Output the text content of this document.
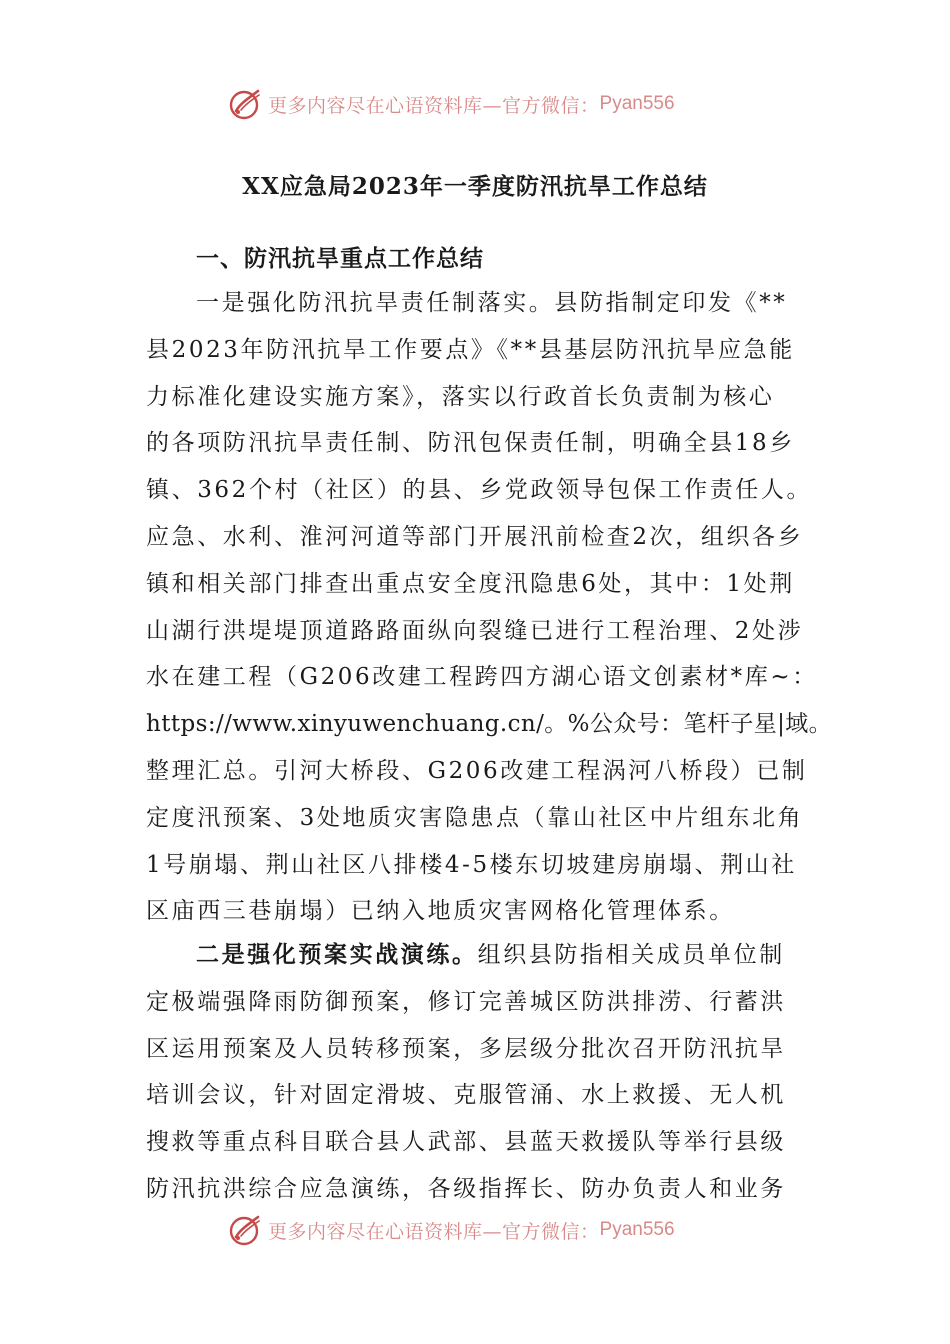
更多内容尽在心语资料库—官方微信： Pyan556
XX应急局2023年一季度防汛抗旱工作总结
一、防汛抗旱重点工作总结
一是强化防汛抗旱责任制落实。县防指制定印发《**
县2023年防汛抗旱工作要点》《**县基层防汛抗旱应急能
力标准化建设实施方案》，落实以行政首长负责制为核心
的各项防汛抗旱责任制、防汛包保责任制，明确全县18乡
镇、362个村（社区）的县、乡党政领导包保工作责任人。
应急、水利、淮河河道等部门开展汛前检查2次，组织各乡
镇和相关部门排查出重点安全度汛隐患6处，其中：1处荆
山湖行洪堤堤顶道路路面纵向裂缝已进行工程治理、2处涉
水在建工程（G206改建工程跨四方湖心语文创素材*库~：
https://www.xinyuwenchuang.cn/。%公众号：笔杆子星|域。
整理汇总。引河大桥段、G206改建工程涡河八桥段）已制
定度汛预案、3处地质灾害隐患点（靠山社区中片组东北角
1号崩塌、荆山社区八排楼4-5楼东切坡建房崩塌、荆山社
区庙西三巷崩塌）已纳入地质灾害网格化管理体系。
二是强化预案实战演练。组织县防指相关成员单位制
定极端强降雨防御预案，修订完善城区防洪排涝、行蓄洪
区运用预案及人员转移预案，多层级分批次召开防汛抗旱
培训会议，针对固定滑坡、克服管涌、水上救援、无人机
搜救等重点科目联合县人武部、县蓝天救援队等举行县级
防汛抗洪综合应急演练，各级指挥长、防办负责人和业务
更多内容尽在心语资料库—官方微信： Pyan556
